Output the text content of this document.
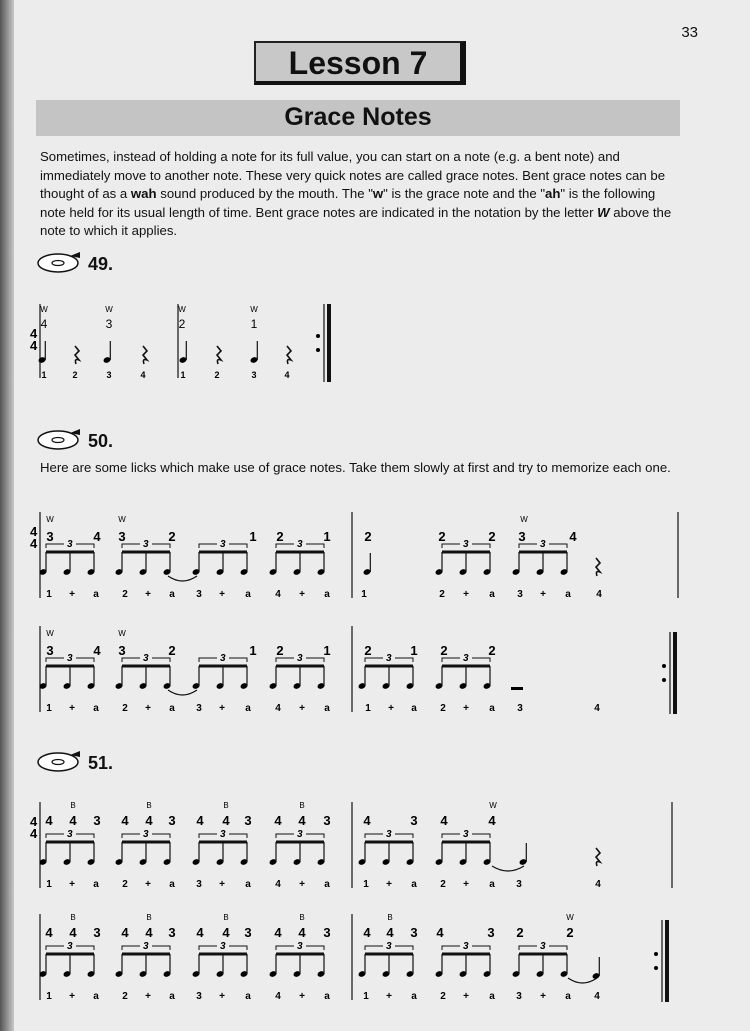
33
Lesson 7
Grace Notes
Sometimes, instead of holding a note for its full value, you can start on a note (e.g. a bent note) and immediately move to another note. These very quick notes are called grace notes. Bent grace notes can be thought of as a wah sound produced by the mouth. The "w" is the grace note and the "ah" is the following note held for its usual length of time. Bent grace notes are indicated in the notation by the letter W above the note to which it applies.
49.
50.
Here are some licks which make use of grace notes. Take them slowly at first and try to memorize each one.
51.
4
4
W	W	W	W
4	3	2	1
1	2	3	4	1	2	3	4
4
4
W	W	W
3	4 3	2	1 2	1	2	2	2 3	4
3	3	3	3	3	3
1 + a 2 + a 3 + a 4 + a	1	2 + a 3 + a	4
W	W
3	4 3	2	1 2	1	2	1 2	2
3	3	3	3	3	3
1 + a 2 + a 3 + a 4 + a	1 + a 2 + a 3	4
4
4
B	B	B	B	W
4 4 3 4 4 3 4 4 3 4 4 3	4	3 4	4
3	3	3	3	3	3
1 + a 2 + a 3 + a 4 + a	1 + a 2 + a 3	4
B	B	B	B	B	W
4 4 3 4 4 3 4 4 3 4 4 3	4 4 3 4	3 2	2
3	3	3	3	3	3	3
1 + a 2 + a 3 + a 4 + a	1 + a 2 + a 3 + a 4
